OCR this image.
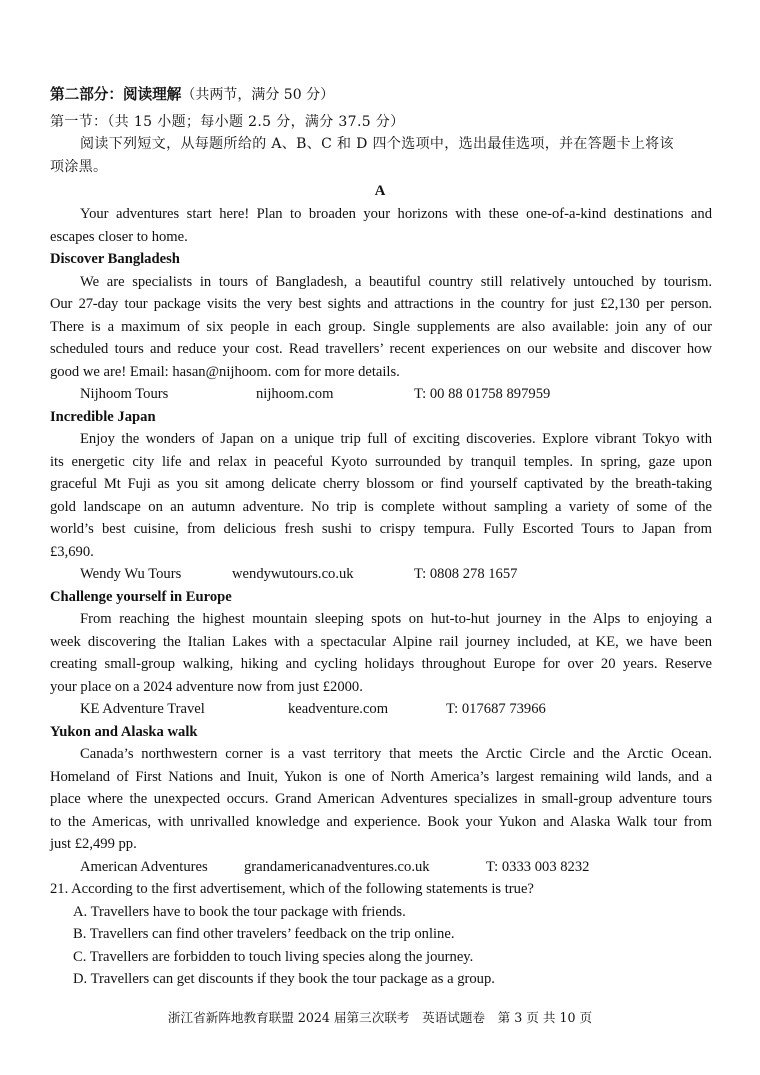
第二部分：阅读理解（共两节，满分 50 分）
第一节：（共 15 小题；每小题 2.5 分，满分 37.5 分）
阅读下列短文，从每题所给的 A、B、C 和 D 四个选项中，选出最佳选项，并在答题卡上将该
项涂黑。
A
Your adventures start here! Plan to broaden your horizons with these one-of-a-kind destinations and
escapes closer to home.
Discover Bangladesh
We are specialists in tours of Bangladesh, a beautiful country still relatively untouched by tourism.
Our 27-day tour package visits the very best sights and attractions in the country for just £2,130 per person.
There is a maximum of six people in each group. Single supplements are also available: join any of our
scheduled tours and reduce your cost. Read travellers’ recent experiences on our website and discover how
good we are! Email: hasan@nijhoom. com for more details.
Nijhoom Tours	nijhoom.com	T: 00 88 01758 897959
Incredible Japan
Enjoy the wonders of Japan on a unique trip full of exciting discoveries. Explore vibrant Tokyo with
its energetic city life and relax in peaceful Kyoto surrounded by tranquil temples. In spring, gaze upon
graceful Mt Fuji as you sit among delicate cherry blossom or find yourself captivated by the breath-taking
gold landscape on an autumn adventure. No trip is complete without sampling a variety of some of the
world’s best cuisine, from delicious fresh sushi to crispy tempura. Fully Escorted Tours to Japan from
£3,690.
Wendy Wu Tours	wendywutours.co.uk	T: 0808 278 1657
Challenge yourself in Europe
From reaching the highest mountain sleeping spots on hut-to-hut journey in the Alps to enjoying a
week discovering the Italian Lakes with a spectacular Alpine rail journey included, at KE, we have been
creating small-group walking, hiking and cycling holidays throughout Europe for over 20 years. Reserve
your place on a 2024 adventure now from just £2000.
KE Adventure Travel	keadventure.com	T: 017687 73966
Yukon and Alaska walk
Canada’s northwestern corner is a vast territory that meets the Arctic Circle and the Arctic Ocean.
Homeland of First Nations and Inuit, Yukon is one of North America’s largest remaining wild lands, and a
place where the unexpected occurs. Grand American Adventures specializes in small-group adventure tours
to the Americas, with unrivalled knowledge and experience. Book your Yukon and Alaska Walk tour from
just £2,499 pp.
American Adventures grandamericanadventures.co.uk	T: 0333 003 8232
21. According to the first advertisement, which of the following statements is true?
A. Travellers have to book the tour package with friends.
B. Travellers can find other travelers’ feedback on the trip online.
C. Travellers are forbidden to touch living species along the journey.
D. Travellers can get discounts if they book the tour package as a group.
浙江省新阵地教育联盟 2024 届第三次联考　英语试题卷　第 3 页 共 10 页
